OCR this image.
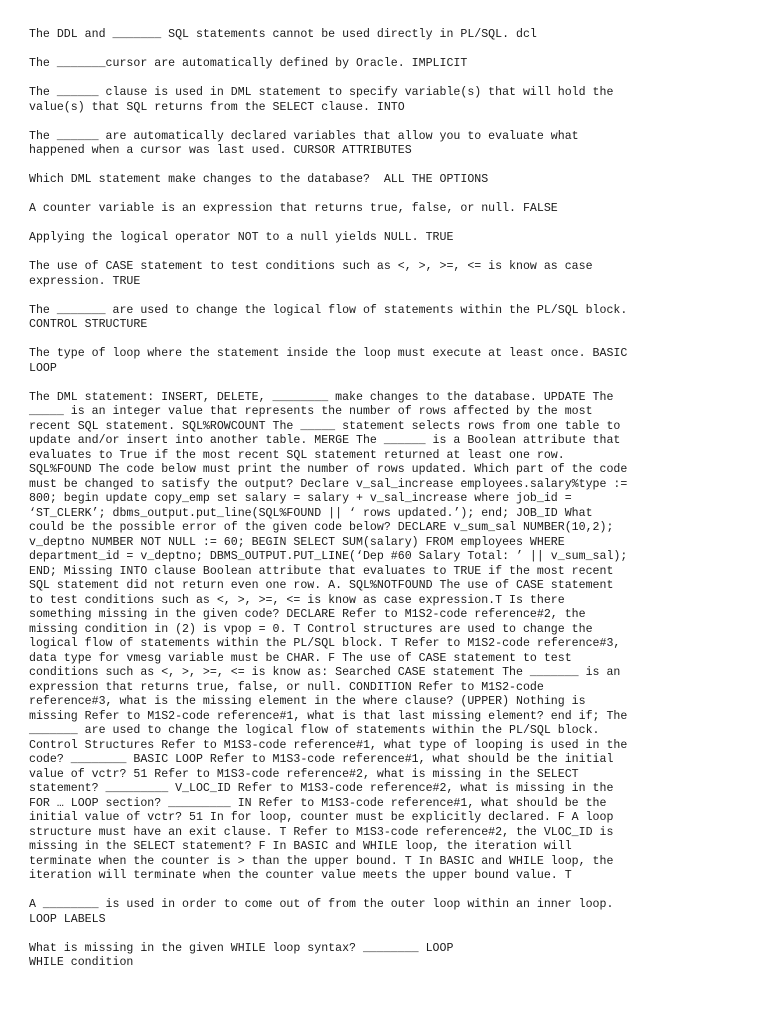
The DDL and _______ SQL statements cannot be used directly in PL/SQL. dcl

The _______cursor are automatically defined by Oracle. IMPLICIT

The ______ clause is used in DML statement to specify variable(s) that will hold the
value(s) that SQL returns from the SELECT clause. INTO

The ______ are automatically declared variables that allow you to evaluate what
happened when a cursor was last used. CURSOR ATTRIBUTES

Which DML statement make changes to the database?  ALL THE OPTIONS

A counter variable is an expression that returns true, false, or null. FALSE

Applying the logical operator NOT to a null yields NULL. TRUE

The use of CASE statement to test conditions such as <, >, >=, <= is know as case
expression. TRUE

The _______ are used to change the logical flow of statements within the PL/SQL block.
CONTROL STRUCTURE

The type of loop where the statement inside the loop must execute at least once. BASIC
LOOP

The DML statement: INSERT, DELETE, ________ make changes to the database. UPDATE The
_____ is an integer value that represents the number of rows affected by the most
recent SQL statement. SQL%ROWCOUNT The _____ statement selects rows from one table to
update and/or insert into another table. MERGE The ______ is a Boolean attribute that
evaluates to True if the most recent SQL statement returned at least one row.
SQL%FOUND The code below must print the number of rows updated. Which part of the code
must be changed to satisfy the output? Declare v_sal_increase employees.salary%type :=
800; begin update copy_emp set salary = salary + v_sal_increase where job_id =
‘ST_CLERK’; dbms_output.put_line(SQL%FOUND || ‘ rows updated.’); end; JOB_ID What
could be the possible error of the given code below? DECLARE v_sum_sal NUMBER(10,2);
v_deptno NUMBER NOT NULL := 60; BEGIN SELECT SUM(salary) FROM employees WHERE
department_id = v_deptno; DBMS_OUTPUT.PUT_LINE(‘Dep #60 Salary Total: ’ || v_sum_sal);
END; Missing INTO clause Boolean attribute that evaluates to TRUE if the most recent
SQL statement did not return even one row. A. SQL%NOTFOUND The use of CASE statement
to test conditions such as <, >, >=, <= is know as case expression.T Is there
something missing in the given code? DECLARE Refer to M1S2-code reference#2, the
missing condition in (2) is vpop = 0. T Control structures are used to change the
logical flow of statements within the PL/SQL block. T Refer to M1S2-code reference#3,
data type for vmesg variable must be CHAR. F The use of CASE statement to test
conditions such as <, >, >=, <= is know as: Searched CASE statement The _______ is an
expression that returns true, false, or null. CONDITION Refer to M1S2-code
reference#3, what is the missing element in the where clause? (UPPER) Nothing is
missing Refer to M1S2-code reference#1, what is that last missing element? end if; The
_______ are used to change the logical flow of statements within the PL/SQL block.
Control Structures Refer to M1S3-code reference#1, what type of looping is used in the
code? ________ BASIC LOOP Refer to M1S3-code reference#1, what should be the initial
value of vctr? 51 Refer to M1S3-code reference#2, what is missing in the SELECT
statement? _________ V_LOC_ID Refer to M1S3-code reference#2, what is missing in the
FOR … LOOP section? _________ IN Refer to M1S3-code reference#1, what should be the
initial value of vctr? 51 In for loop, counter must be explicitly declared. F A loop
structure must have an exit clause. T Refer to M1S3-code reference#2, the VLOC_ID is
missing in the SELECT statement? F In BASIC and WHILE loop, the iteration will
terminate when the counter is > than the upper bound. T In BASIC and WHILE loop, the
iteration will terminate when the counter value meets the upper bound value. T

A ________ is used in order to come out of from the outer loop within an inner loop.
LOOP LABELS

What is missing in the given WHILE loop syntax? ________ LOOP
WHILE condition
